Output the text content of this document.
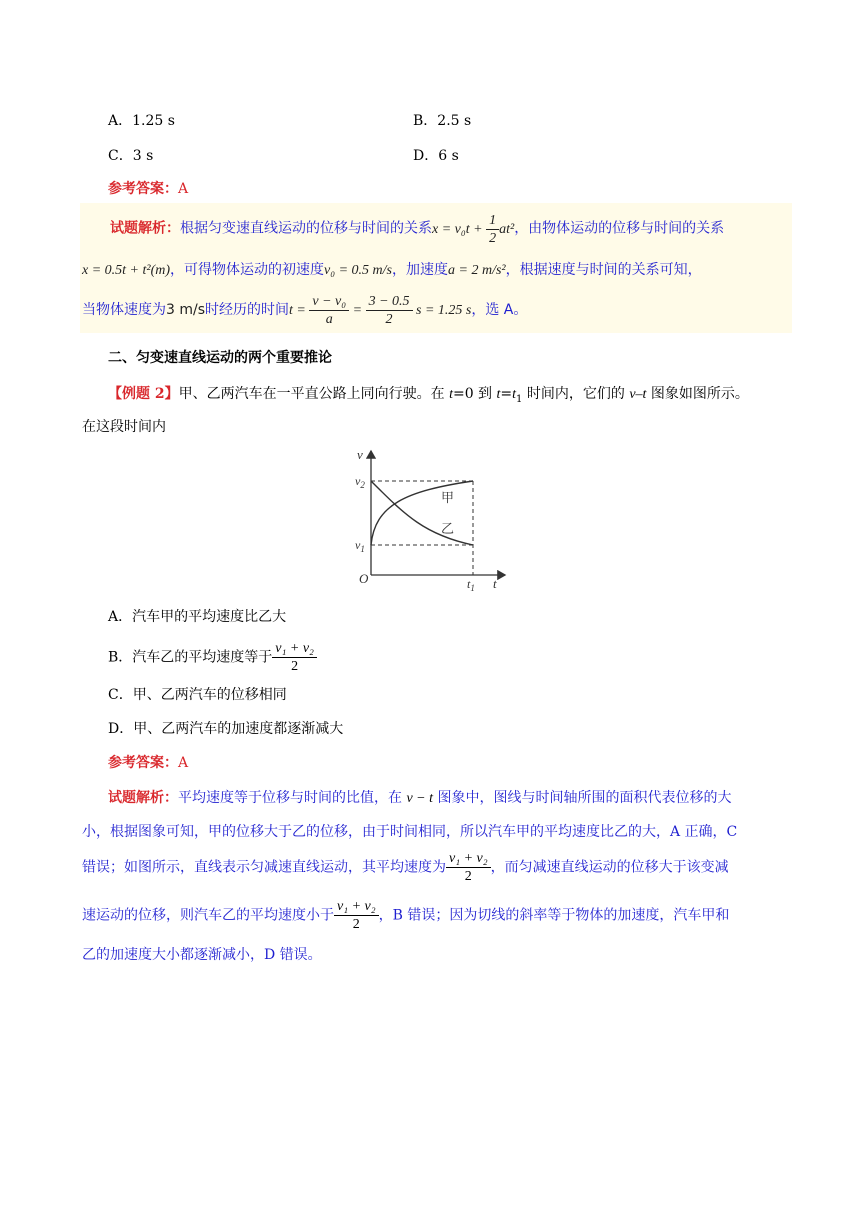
A．1.25 s	B．2.5 s
C．3 s	D．6 s
参考答案：A
试题解析：根据匀变速直线运动的位移与时间的关系$x = v_0t + \frac{1}{2} at^2$，由物体运动的位移与时间的关系
x = 0.5t + t²(m)，可得物体运动的初速度v₀ = 0.5 m/s，加速度a = 2 m/s²，根据速度与时间的关系可知，
当物体速度为3 m/s时经历的时间$t = \frac{\text{v − v₀}}{a} = \frac{3 - 0.5}{2}$ s = 1.25 s，选 A。
二、匀变速直线运动的两个重要推论
【例题 2】甲、乙两汽车在一平直公路上同向行驶。在 t=0 到 $t=t_1$ 时间内，它们的 v–t 图象如图所示。
在这段时间内
v
t
O
$v_2$
$v_1$
$t_1$
甲
乙
A．汽车甲的平均速度比乙大
B．汽车乙的平均速度等于 $\frac{\text{v₁ + v₂}}{2}$
C．甲、乙两汽车的位移相同
D．甲、乙两汽车的加速度都逐渐减大
参考答案：A
试题解析：平均速度等于位移与时间的比值，在 v − t 图象中，图线与时间轴所围的面积代表位移的大
小，根据图象可知，甲的位移大于乙的位移，由于时间相同，所以汽车甲的平均速度比乙的大，A 正确，C
错误；如图所示，直线表示匀减速直线运动，其平均速度为 $\frac{\text{v₁ + v₂}}{2}$ ，而匀减速直线运动的位移大于该变减
速运动的位移，则汽车乙的平均速度小于 $\frac{\text{v₁ + v₂}}{2}$ ，B 错误；因为切线的斜率等于物体的加速度，汽车甲和
乙的加速度大小都逐渐减小，D 错误。
